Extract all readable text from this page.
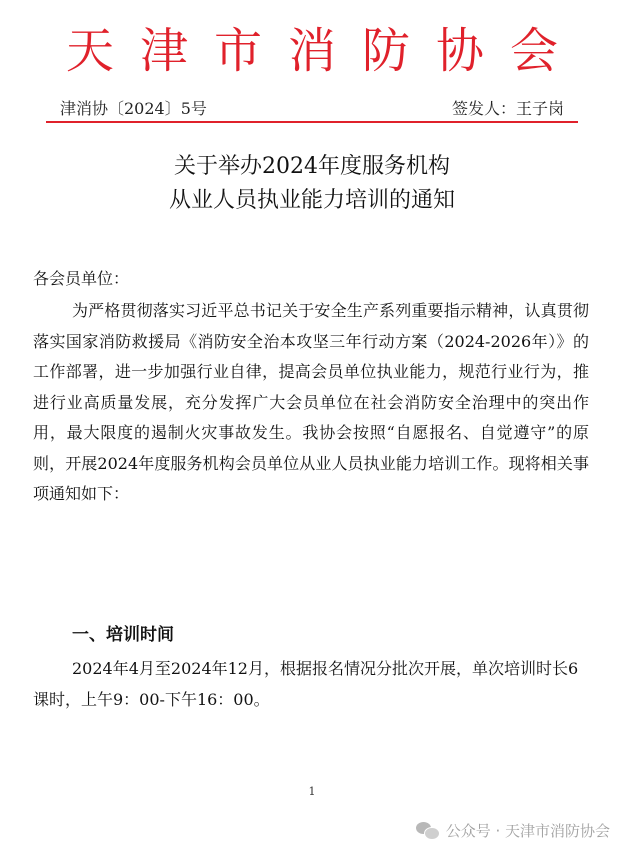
天津市消防协会
津消协〔2024〕5号	签发人：王子岗
关于举办2024年度服务机构
从业人员执业能力培训的通知
各会员单位：
为严格贯彻落实习近平总书记关于安全生产系列重要指示精神，认真贯彻落实国家消防救援局《消防安全治本攻坚三年行动方案（2024-2026年）》的工作部署，进一步加强行业自律，提高会员单位执业能力，规范行业行为，推进行业高质量发展，充分发挥广大会员单位在社会消防安全治理中的突出作用，最大限度的遏制火灾事故发生。我协会按照“自愿报名、自觉遵守”的原则，开展2024年度服务机构会员单位从业人员执业能力培训工作。现将相关事项通知如下：
一、培训时间
2024年4月至2024年12月，根据报名情况分批次开展，单次培训时长6课时，上午9：00-下午16：00。
1
公众号 · 天津市消防协会
